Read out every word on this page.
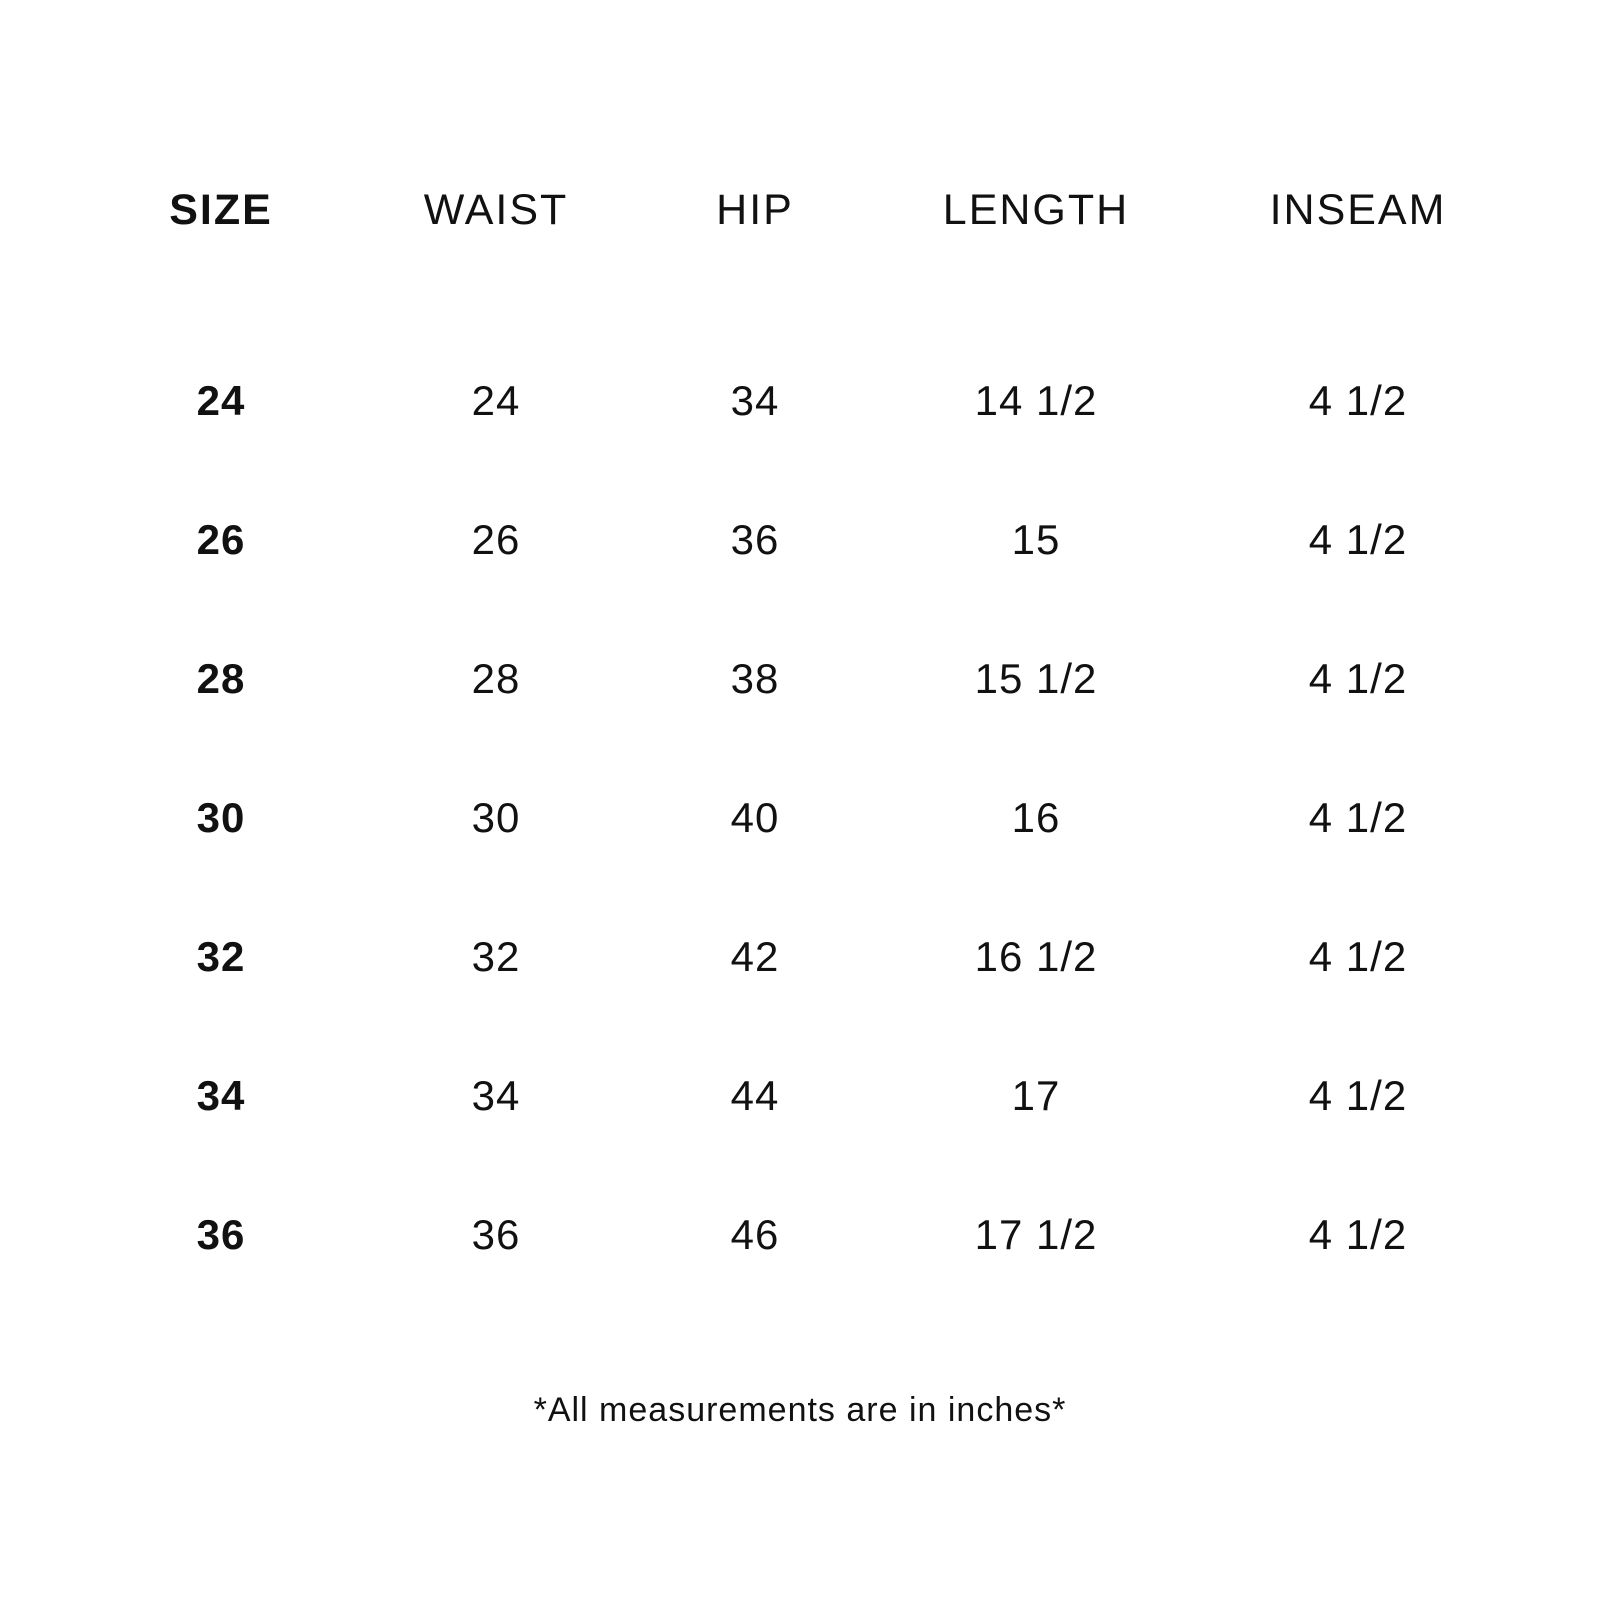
SIZE	WAIST	HIP	LENGTH	INSEAM
24	24	34	14 1/2	4 1/2
26	26	36	15	4 1/2
28	28	38	15 1/2	4 1/2
30	30	40	16	4 1/2
32	32	42	16 1/2	4 1/2
34	34	44	17	4 1/2
36	36	46	17 1/2	4 1/2
*All measurements are in inches*
